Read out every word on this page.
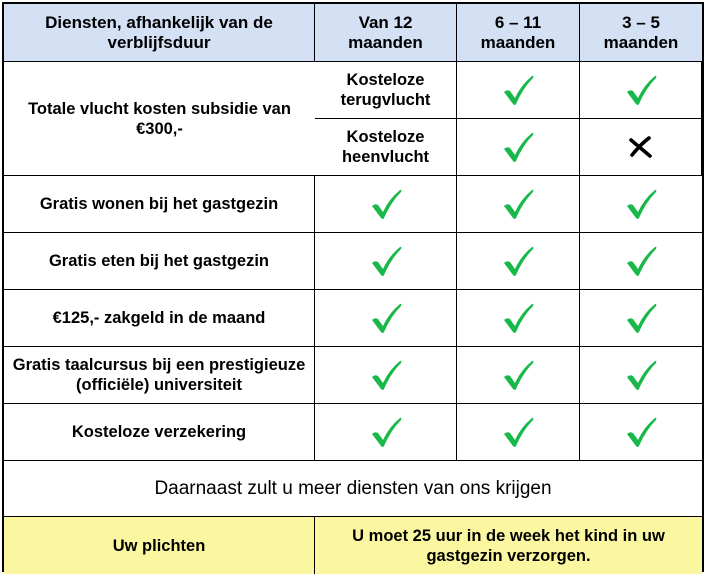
Diensten, afhankelijk van de verblijfsduur
Van 12 maanden
6 – 11 maanden
3 – 5 maanden
Kosteloze terugvlucht
Totale vlucht kosten subsidie van €300,-	Kosteloze heenvlucht
Gratis wonen bij het gastgezin
Gratis eten bij het gastgezin
€125,- zakgeld in de maand
Gratis taalcursus bij een prestigieuze (officiële) universiteit
Kosteloze verzekering
Daarnaast zult u meer diensten van ons krijgen
Uw plichten
U moet 25 uur in de week het kind in uw gastgezin verzorgen.
